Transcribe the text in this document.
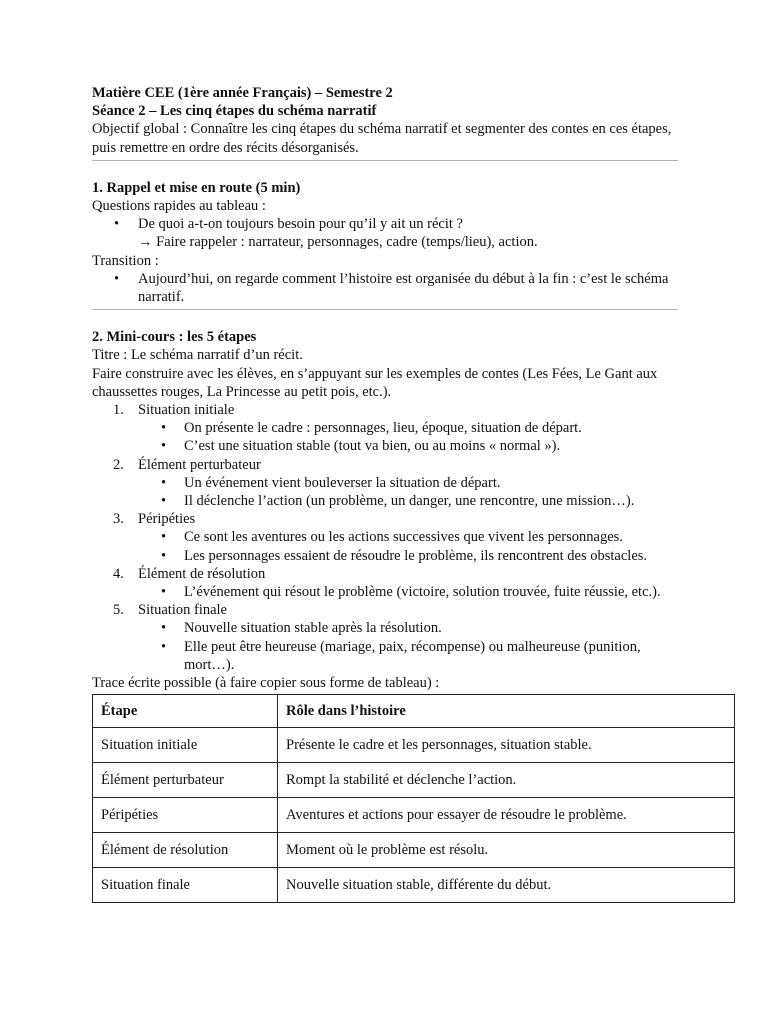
Matière CEE (1ère année Français) – Semestre 2

Séance 2 – Les cinq étapes du schéma narratif

Objectif global : Connaître les cinq étapes du schéma narratif et segmenter des contes en ces étapes, puis remettre en ordre des récits désorganisés.

1. Rappel et mise en route (5 min)

Questions rapides au tableau :

• De quoi a-t-on toujours besoin pour qu’il y ait un récit ?
→ Faire rappeler : narrateur, personnages, cadre (temps/lieu), action.

Transition :

• Aujourd’hui, on regarde comment l’histoire est organisée du début à la fin : c’est le schéma narratif.

2. Mini-cours : les 5 étapes

Titre : Le schéma narratif d’un récit.

Faire construire avec les élèves, en s’appuyant sur les exemples de contes (Les Fées, Le Gant aux chaussettes rouges, La Princesse au petit pois, etc.).

1. Situation initiale
• On présente le cadre : personnages, lieu, époque, situation de départ.
• C’est une situation stable (tout va bien, ou au moins « normal »).
2. Élément perturbateur
• Un événement vient bouleverser la situation de départ.
• Il déclenche l’action (un problème, un danger, une rencontre, une mission…).
3. Péripéties
• Ce sont les aventures ou les actions successives que vivent les personnages.
• Les personnages essaient de résoudre le problème, ils rencontrent des obstacles.
4. Élément de résolution
• L’événement qui résout le problème (victoire, solution trouvée, fuite réussie, etc.).
5. Situation finale
• Nouvelle situation stable après la résolution.
• Elle peut être heureuse (mariage, paix, récompense) ou malheureuse (punition, mort…).

Trace écrite possible (à faire copier sous forme de tableau) :

Étape	Rôle dans l’histoire
Situation initiale	Présente le cadre et les personnages, situation stable.
Élément perturbateur	Rompt la stabilité et déclenche l’action.
Péripéties	Aventures et actions pour essayer de résoudre le problème.
Élément de résolution	Moment où le problème est résolu.
Situation finale	Nouvelle situation stable, différente du début.
